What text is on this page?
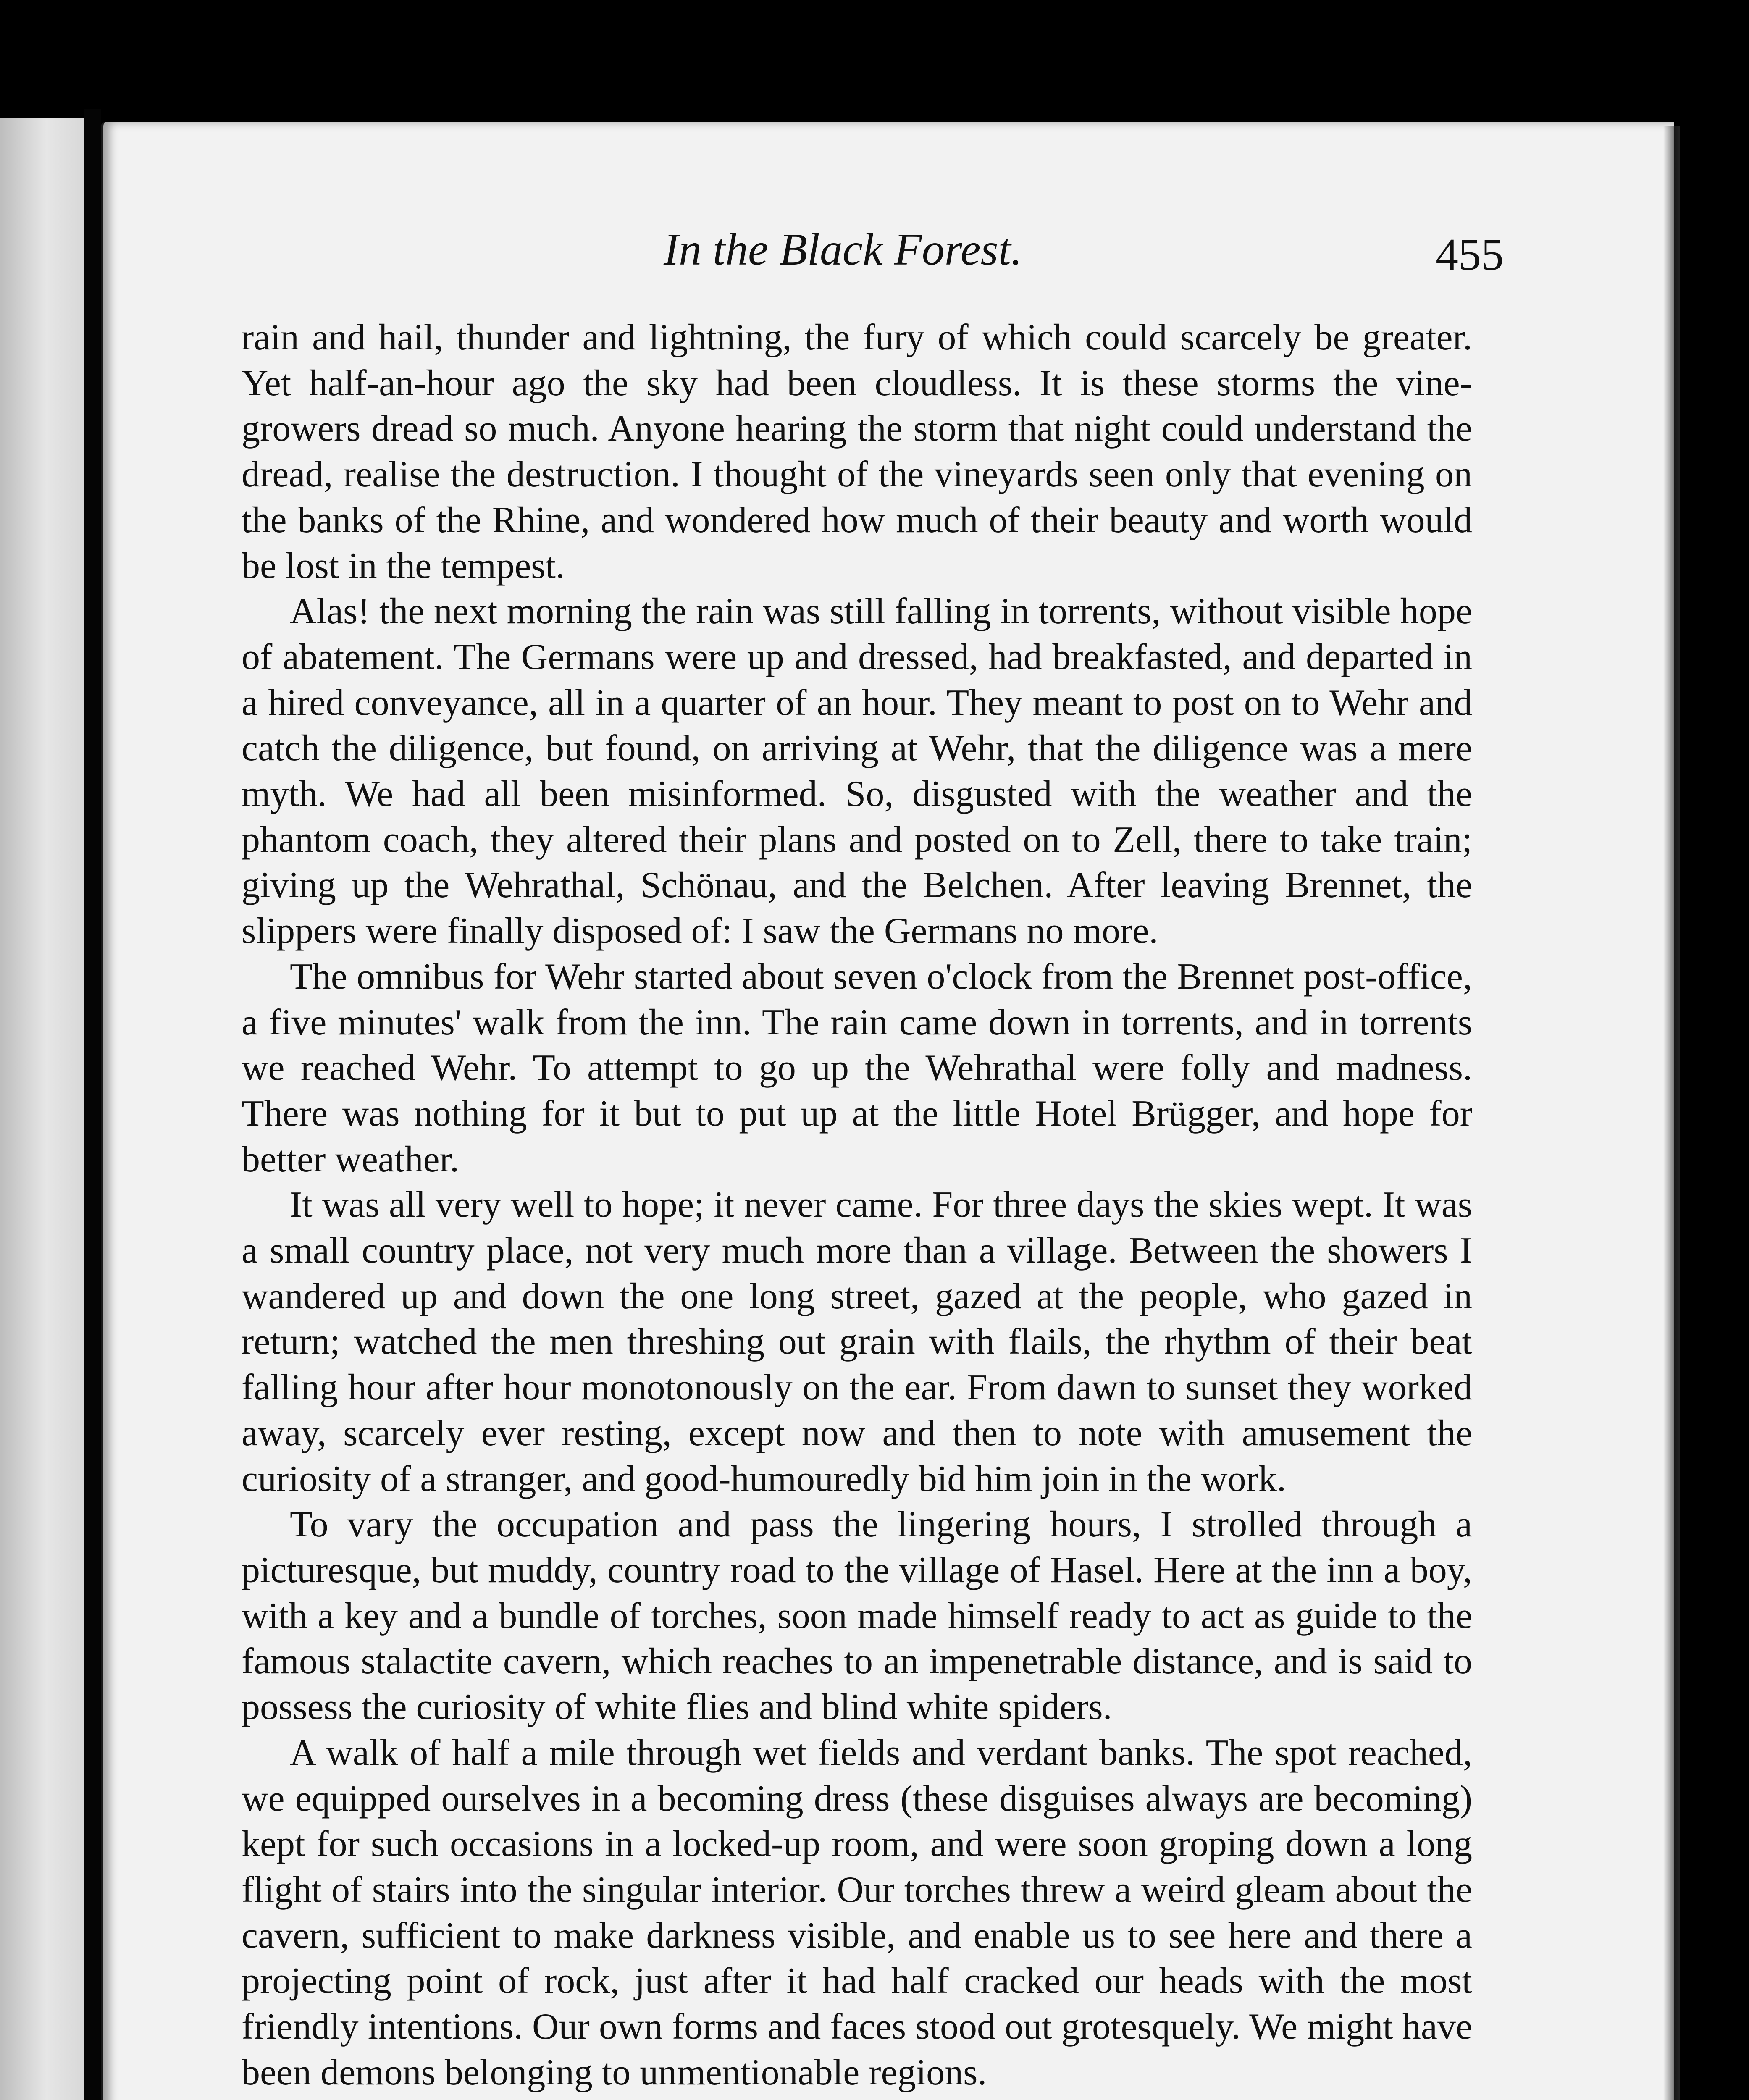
In the Black Forest.	455

rain and hail, thunder and lightning, the fury of which could scarcely be greater. Yet half-an-hour ago the sky had been cloudless. It is these storms the vine-growers dread so much. Anyone hearing the storm that night could understand the dread, realise the destruction. I thought of the vineyards seen only that evening on the banks of the Rhine, and wondered how much of their beauty and worth would be lost in the tempest.

Alas! the next morning the rain was still falling in torrents, without visible hope of abatement. The Germans were up and dressed, had breakfasted, and departed in a hired conveyance, all in a quarter of an hour. They meant to post on to Wehr and catch the diligence, but found, on arriving at Wehr, that the diligence was a mere myth. We had all been misinformed. So, disgusted with the weather and the phantom coach, they altered their plans and posted on to Zell, there to take train; giving up the Wehrathal, Schönau, and the Belchen. After leaving Brennet, the slippers were finally disposed of: I saw the Germans no more.

The omnibus for Wehr started about seven o'clock from the Brennet post-office, a five minutes' walk from the inn. The rain came down in torrents, and in torrents we reached Wehr. To attempt to go up the Wehrathal were folly and madness. There was nothing for it but to put up at the little Hotel Brügger, and hope for better weather.

It was all very well to hope; it never came. For three days the skies wept. It was a small country place, not very much more than a village. Between the showers I wandered up and down the one long street, gazed at the people, who gazed in return; watched the men threshing out grain with flails, the rhythm of their beat falling hour after hour monotonously on the ear. From dawn to sunset they worked away, scarcely ever resting, except now and then to note with amusement the curiosity of a stranger, and good-humouredly bid him join in the work.

To vary the occupation and pass the lingering hours, I strolled through a picturesque, but muddy, country road to the village of Hasel. Here at the inn a boy, with a key and a bundle of torches, soon made himself ready to act as guide to the famous stalactite cavern, which reaches to an impenetrable distance, and is said to possess the curiosity of white flies and blind white spiders.

A walk of half a mile through wet fields and verdant banks. The spot reached, we equipped ourselves in a becoming dress (these disguises always are becoming) kept for such occasions in a locked-up room, and were soon groping down a long flight of stairs into the singular interior. Our torches threw a weird gleam about the cavern, sufficient to make darkness visible, and enable us to see here and there a projecting point of rock, just after it had half cracked our heads with the most friendly intentions. Our own forms and faces stood out grotesquely. We might have been demons belonging to unmentionable regions.
